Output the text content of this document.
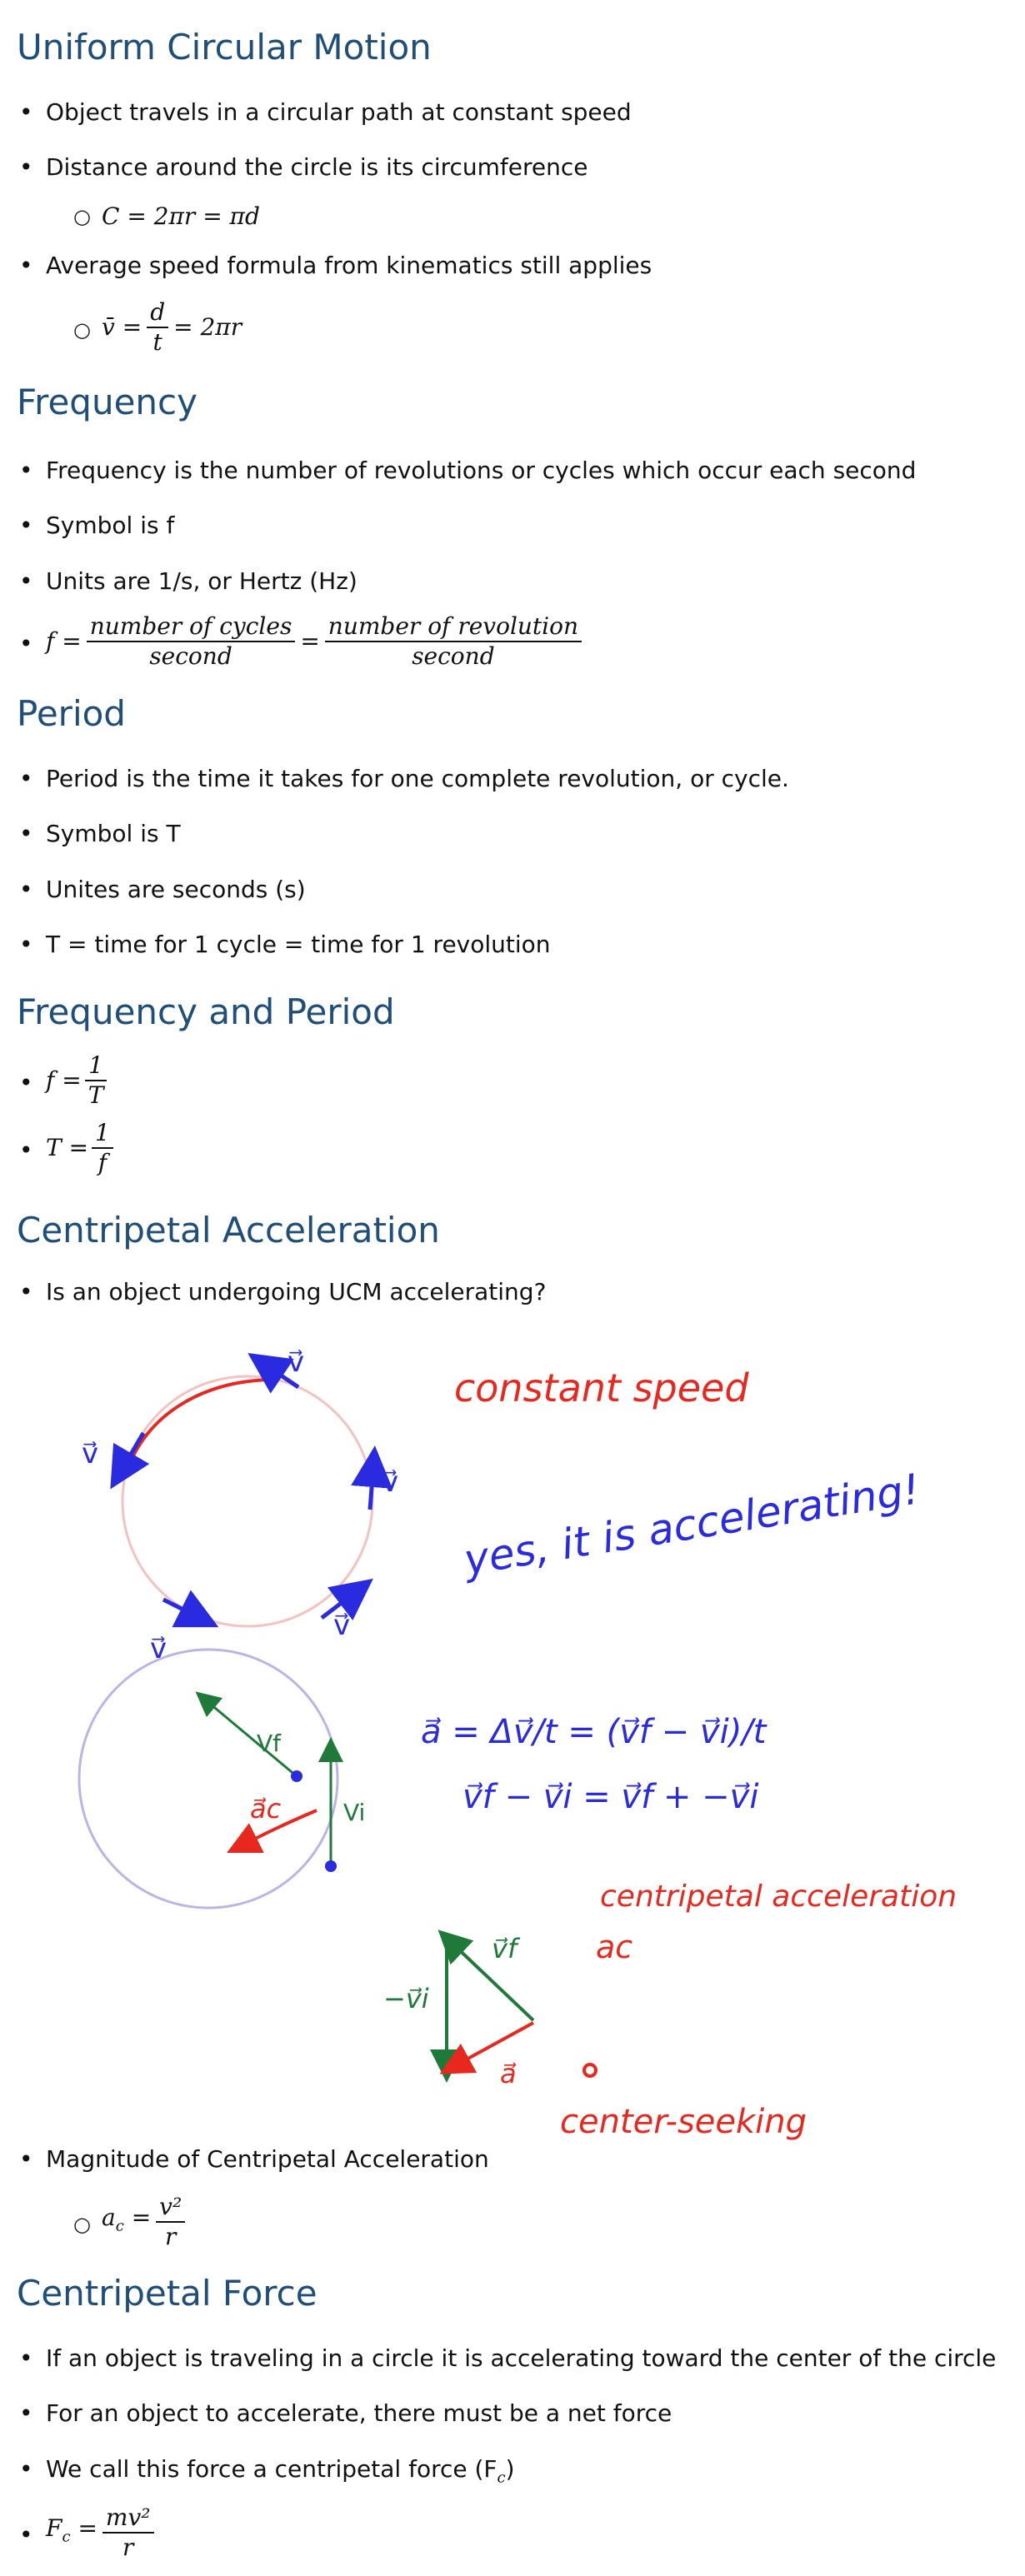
Uniform Circular Motion
• Object travels in a circular path at constant speed
• Distance around the circle is its circumference
○ C = 2πr = πd
• Average speed formula from kinematics still applies
○ v̄ = $\frac{d}{t} = 2\pi r$
Frequency
• Frequency is the number of revolutions or cycles which occur each second
• Symbol is f
• Units are 1/s, or Hertz (Hz)
• $f = \frac{\text{number of cycles}}{\text{second}} = \frac{\text{number of revolution}}{\text{second}}$
Period
• Period is the time it takes for one complete revolution, or cycle.
• Symbol is T
• Unites are seconds (s)
• T = time for 1 cycle = time for 1 revolution
Frequency and Period
• $f = \frac{1}{T}$
• $T = \frac{1}{f}$
Centripetal Acceleration
• Is an object undergoing UCM accelerating?
v⃗
v⃗
v⃗
v⃗
v⃗
constant speed
yes, it is accelerating!
Vf
Vi
a⃗c
a⃗ = Δv⃗/t = (v⃗f − v⃗i)/t
v⃗f − v⃗i = v⃗f + −v⃗i
centripetal acceleration
ac
−v⃗i
v⃗f
a⃗
center-seeking
• Magnitude of Centripetal Acceleration
○ $a_c = \frac{\text{v²}}{r}$
Centripetal Force
• If an object is traveling in a circle it is accelerating toward the center of the circle
• For an object to accelerate, there must be a net force
• We call this force a centripetal force $(F_c)$
• $F_c = \frac{\text{mv²}}{r}$
